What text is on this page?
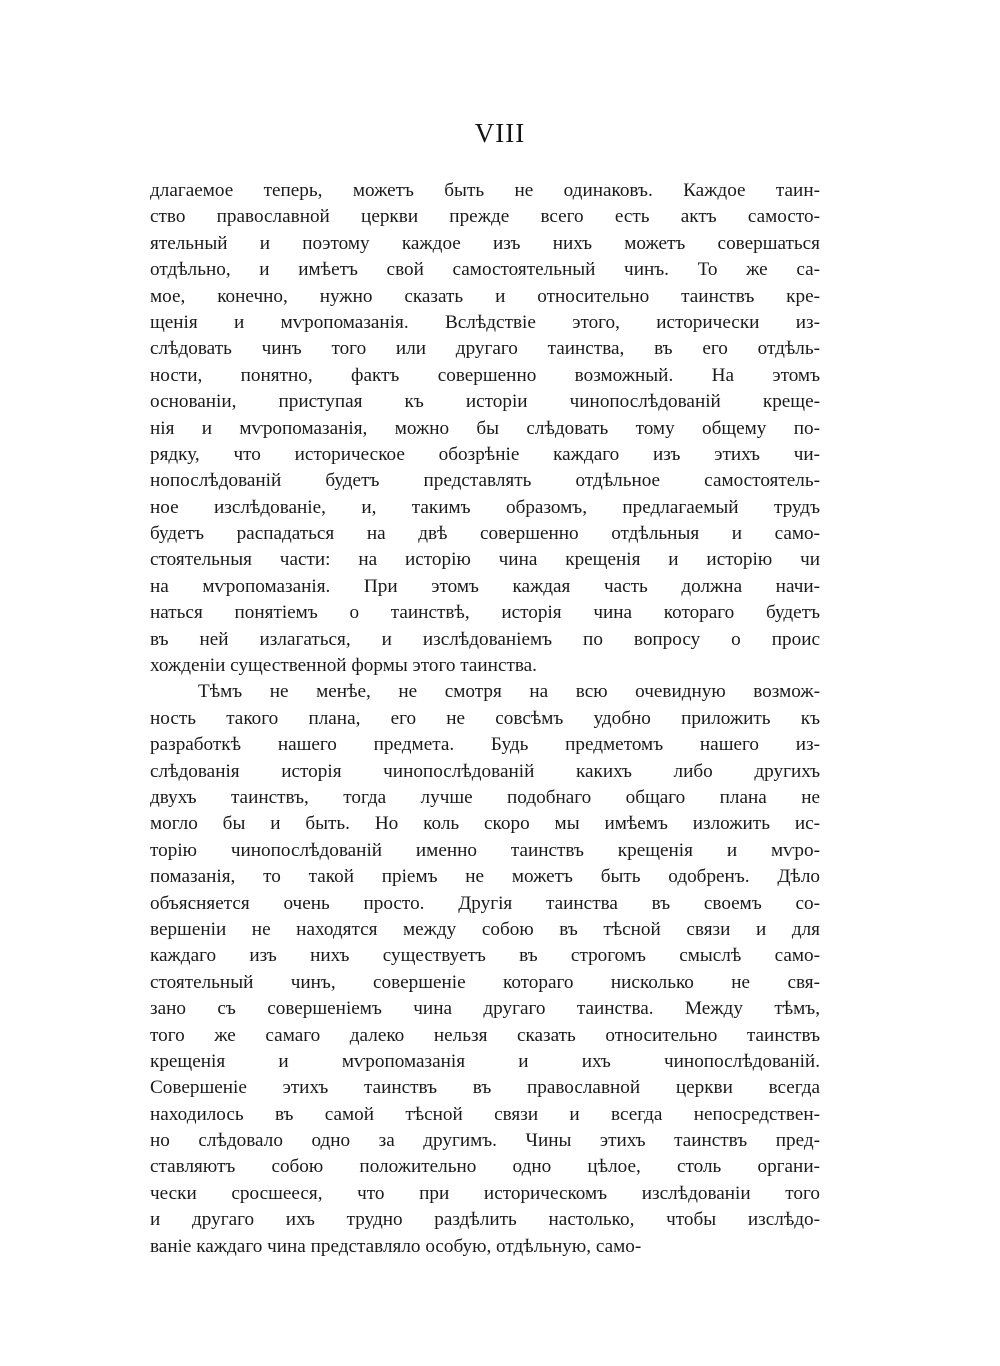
VIII
длагаемое теперь, можетъ быть не одинаковъ. Каждое таин-
ство православной церкви прежде всего есть актъ самосто-
ятельный и поэтому каждое изъ нихъ можетъ совершаться
отдѣльно, и имѣетъ свой самостоятельный чинъ. То же са-
мое, конечно, нужно сказать и относительно таинствъ кре-
щенія и мѵропомазанія. Вслѣдствіе этого, исторически из-
слѣдовать чинъ того или другаго таинства, въ его отдѣль-
ности, понятно, фактъ совершенно возможный. На этомъ
основаніи, приступая къ исторіи чинопослѣдованій креще-
нія и мѵропомазанія, можно бы слѣдовать тому общему по-
рядку, что историческое обозрѣніе каждаго изъ этихъ чи-
нопослѣдованій будетъ представлять отдѣльное самостоятель-
ное изслѣдованіе, и, такимъ образомъ, предлагаемый трудъ
будетъ распадаться на двѣ совершенно отдѣльныя и само-
стоятельныя части: на исторію чина крещенія и исторію чи
на мѵропомазанія. При этомъ каждая часть должна начи-
наться понятіемъ о таинствѣ, исторія чина котораго будетъ
въ ней излагаться, и изслѣдованіемъ по вопросу о проис
хожденіи существенной формы этого таинства.
Тѣмъ не менѣе, не смотря на всю очевидную возмож-
ность такого плана, его не совсѣмъ удобно приложить къ
разработкѣ нашего предмета. Будь предметомъ нашего из-
слѣдованія исторія чинопослѣдованій какихъ либо другихъ
двухъ таинствъ, тогда лучше подобнаго общаго плана не
могло бы и быть. Но коль скоро мы имѣемъ изложить ис-
торію чинопослѣдованій именно таинствъ крещенія и мѵро-
помазанія, то такой пріемъ не можетъ быть одобренъ. Дѣло
объясняется очень просто. Другія таинства въ своемъ со-
вершеніи не находятся между собою въ тѣсной связи и для
каждаго изъ нихъ существуетъ въ строгомъ смыслѣ само-
стоятельный чинъ, совершеніе котораго нисколько не свя-
зано съ совершеніемъ чина другаго таинства. Между тѣмъ,
того же самаго далеко нельзя сказать относительно таинствъ
крещенія и мѵропомазанія и ихъ чинопослѣдованій.
Совершеніе этихъ таинствъ въ православной церкви всегда
находилось въ самой тѣсной связи и всегда непосредствен-
но слѣдовало одно за другимъ. Чины этихъ таинствъ пред-
ставляютъ собою положительно одно цѣлое, столь органи-
чески сросшееся, что при историческомъ изслѣдованіи того
и другаго ихъ трудно раздѣлить настолько, чтобы изслѣдо-
ваніе каждаго чина представляло особую, отдѣльную, само-
